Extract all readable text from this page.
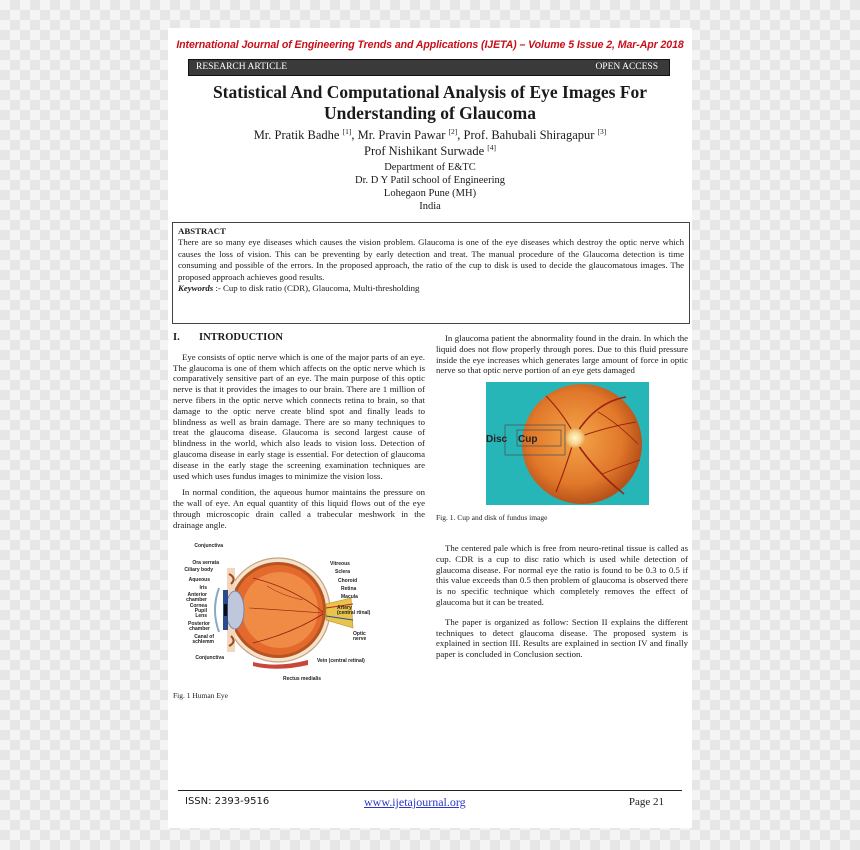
International Journal of Engineering Trends and Applications (IJETA) – Volume 5 Issue 2, Mar-Apr 2018
RESEARCH ARTICLE	OPEN ACCESS
Statistical And Computational Analysis of Eye Images For Understanding of Glaucoma
Mr. Pratik Badhe [1], Mr. Pravin Pawar [2], Prof. Bahubali Shiragapur [3]
Prof Nishikant Surwade [4]
Department of E&TC
Dr. D Y Patil school of Engineering
Lohegaon Pune (MH)
India
ABSTRACT
There are so many eye diseases which causes the vision problem. Glaucoma is one of the eye diseases which destroy the optic nerve which causes the loss of vision. This can be preventing by early detection and treat. The manual procedure of the Glaucoma detection is time consuming and possible of the errors. In the proposed approach, the ratio of the cup to disk is used to decide the glaucomatous images. The proposed approach achieves good results.
Keywords :- Cup to disk ratio (CDR), Glaucoma, Multi-thresholding
I. INTRODUCTION

Eye consists of optic nerve which is one of the major parts of an eye. The glaucoma is one of them which affects on the optic nerve which is comparatively sensitive part of an eye. The main purpose of this optic nerve is that it provides the images to our brain. There are 1 million of nerve fibers in the optic nerve which connects retina to brain, so that damage to the optic nerve create blind spot and finally leads to blindness as well as brain damage. There are so many techniques to treat the glaucoma disease. Glaucoma is second largest cause of blindness in the world, which also leads to vision loss. Detection of glaucoma disease in early stage is essential. For detection of glaucoma disease in the early stage the screening examination techniques are used which uses fundus images to minimize the vision loss.

In normal condition, the aqueous humor maintains the pressure on the wall of eye. An equal quantity of this liquid flows out of the eye through microscopic drain called a trabecular meshwork in the drainage angle.

Conjunctiva
Ora serrata
Ciliary body
Aqueous
Iris
Anterior
chamber
Cornea
Pupil
Lens
Posterior
chamber
Canal of
schlemm
Conjunctiva
Vitreous
Sclera
Choroid
Retina
Macula
Artery
(central rtinal)
Optic
nerve
Vein (central retinal)
Rectus medialis
Fig. 1 Human Eye

In glaucoma patient the abnormality found in the drain. In which the liquid does not flow properly through pores. Due to this fluid pressure inside the eye increases which generates large amount of force in optic nerve so that optic nerve portion of an eye gets damaged

Disc Cup
Fig. 1. Cup and disk of fundus image

The centered pale which is free from neuro-retinal tissue is called as cup. CDR is a cup to disc ratio which is used while detection of glaucoma disease. For normal eye the ratio is found to be 0.3 to 0.5 if this value exceeds than 0.5 then problem of glaucoma is observed there is no specific technique which completely removes the effect of glaucoma but it can be treated.

The paper is organized as follow: Section II explains the different techniques to detect glaucoma disease. The proposed system is explained in section III. Results are explained in section IV and finally paper is concluded in Conclusion section.

ISSN: 2393-9516	www.ijetajournal.org	Page 21
